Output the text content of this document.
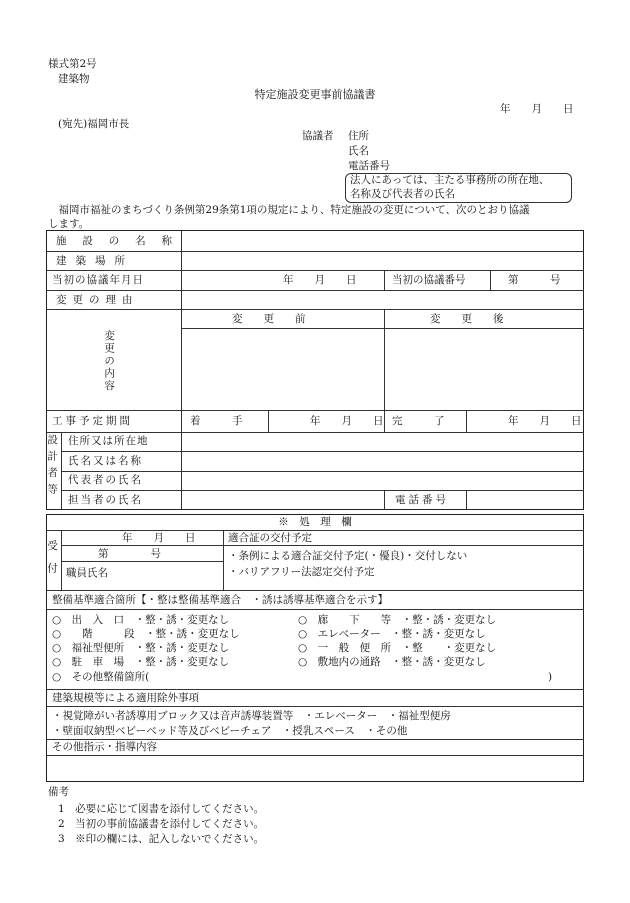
様式第2号
建築物
特定施設変更事前協議書
年　　月　　日
(宛先)福岡市長
協議者 住所
氏名
電話番号
法人にあっては、主たる事務所の所在地、
名称及び代表者の氏名
　福岡市福祉のまちづくり条例第29条第1項の規定により、特定施設の変更について、次のとおり協議
します。
施 設 の 名 称
建築場所
当初の協議年月日	年　　月　　日	当初の協議番号	第　　　号
変更の理由
変更の内容
変　　更　　前	変　　更　　後
工事予定期間	着　　　手	年　　月　　日 完　　　了	年　　月　　日
設計者等 住所又は所在地
氏名又は名称
代表者の氏名
担当者の氏名	電話番号
※　処　理　欄
受付
年　　月　　日
第　　　　号
職員氏名
適合証の交付予定
・条例による適合証交付予定(・優良)・交付しない
・バリアフリー法認定交付予定
整備基準適合箇所【・整は整備基準適合　・誘は誘導基準適合を示す】
○　出　入　口　・整・誘・変更なし	○　廊　　下　　等　・整・誘・変更なし
○　　階　　　段　・整・誘・変更なし	○　エレベーター　・整・誘・変更なし
○　福祉型便所　・整・誘・変更なし	○　一　般　便　所　・整　　・変更なし
○　駐　車　場　・整・誘・変更なし	○　敷地内の通路　・整・誘・変更なし
○　その他整備箇所(	)
建築規模等による適用除外事項
・視覚障がい者誘導用ブロック又は音声誘導装置等　・エレベーター　・福祉型便房
・壁面収納型ベビーベッド等及びベビーチェア　・授乳スペース　・その他
その他指示・指導内容
備考
1　必要に応じて図書を添付してください。
2　当初の事前協議書を添付してください。
3　※印の欄には、記入しないでください。
